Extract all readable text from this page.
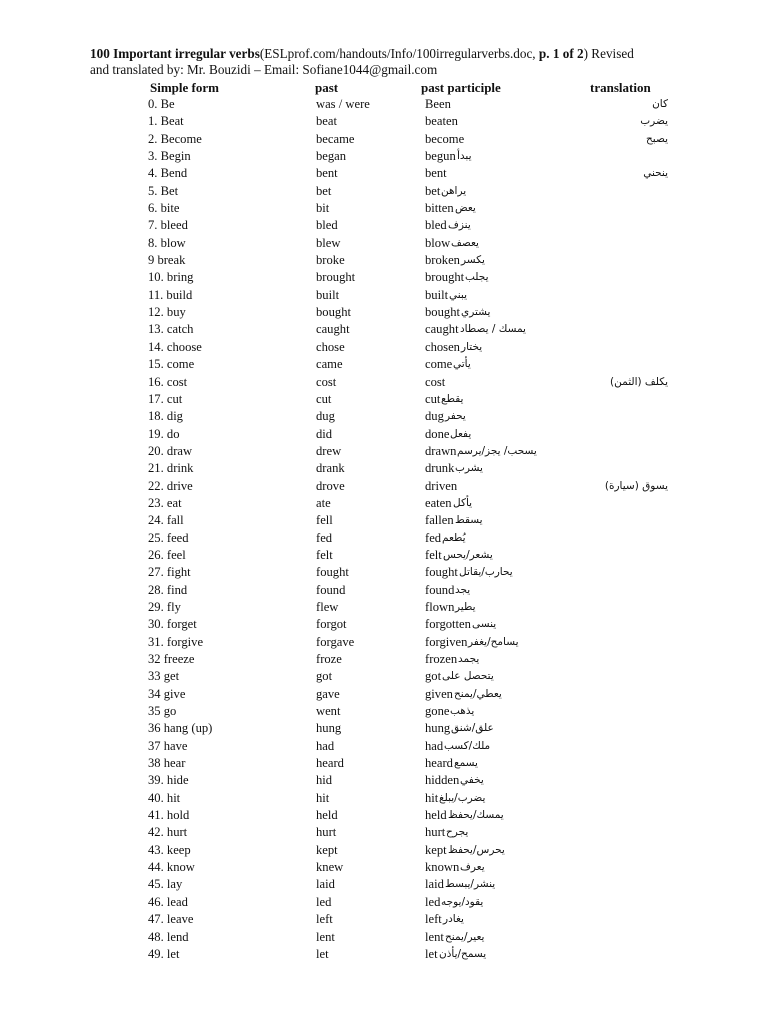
100 Important irregular verbs(ESLprof.com/handouts/Info/100irregularverbs.doc, p. 1 of 2) Revised
and translated by: Mr. Bouzidi – Email: Sofiane1044@gmail.com
Simple form	past	past participle	translation
0. Be	was / were	Been	كان
1. Beat	beat	beaten	يضرب
2. Become	became	become	يصبح
3. Begin	began	begun يبدأ
4. Bend	bent	bent	ينحني
5. Bet	bet	bet يراهن
6. bite	bit	bitten يعض
7. bleed	bled	bled ينزف
8. blow	blew	blow يعصف
9 break	broke	broken يكسر
10. bring	brought	brought يجلب
11. build	built	built يبني
12. buy	bought	bought يشتري
13. catch	caught	caught يمسك / يصطاد
14. choose	chose	chosen يختار
15. come	came	come يأتي
16. cost	cost	cost	يكلف (الثمن)
17. cut	cut	cut يقطع
18. dig	dug	dug يحفر
19. do	did	done يفعل
20. draw	drew	drawn يسحب/ يجز/يرسم
21. drink	drank	drunk يشرب
22. drive	drove	driven	يسوق (سيارة)
23. eat	ate	eaten يأكل
24. fall	fell	fallen يسقط
25. feed	fed	fed يُطعم
26. feel	felt	felt يشعر/يحس
27. fight	fought	fought يحارب/يقاتل
28. find	found	found يجد
29. fly	flew	flown يطير
30. forget	forgot	forgotten ينسى
31. forgive	forgave	forgiven يسامح/يغفر
32 freeze	froze	frozen يجمد
33 get	got	got يتحصل على
34 give	gave	given يعطي/يمنح
35 go	went	gone يذهب
36 hang (up)	hung	hung علق/شنق
37 have	had	had ملك/كسب
38 hear	heard	heard يسمع
39. hide	hid	hidden يخفي
40. hit	hit	hit يضرب/يبلغ
41. hold	held	held يمسك/يحفظ
42. hurt	hurt	hurt يجرح
43. keep	kept	kept يحرس/يحفظ
44. know	knew	known يعرف
45. lay	laid	laid ينشر/يبسط
46. lead	led	led يقود/يوجه
47. leave	left	left يغادر
48. lend	lent	lent يعير/يمنح
49. let	let	let يسمح/يأذن
